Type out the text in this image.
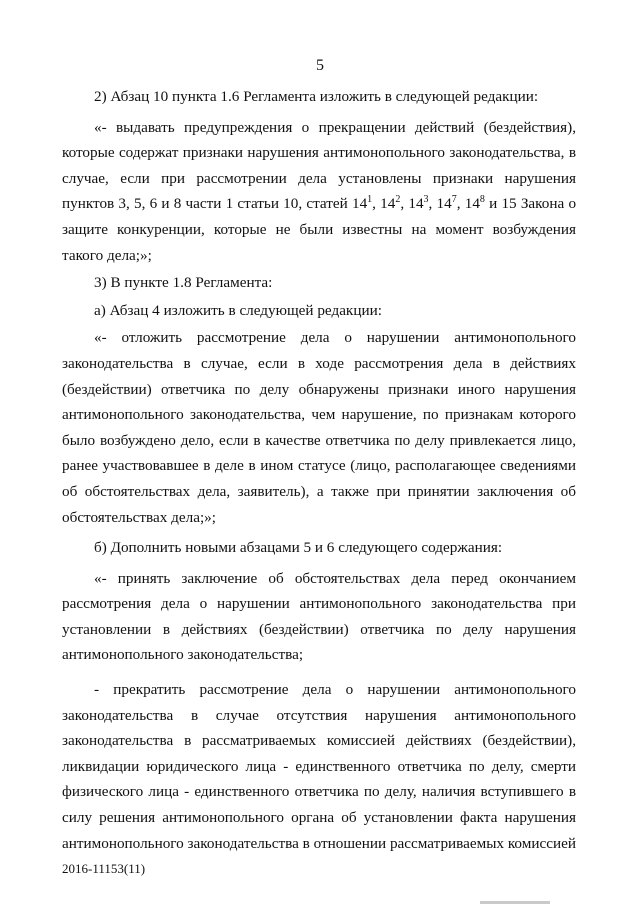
5

2) Абзац 10 пункта 1.6 Регламента изложить в следующей редакции:

«- выдавать предупреждения о прекращении действий (бездействия), которые содержат признаки нарушения антимонопольного законодательства, в случае, если при рассмотрении дела установлены признаки нарушения пунктов 3, 5, 6 и 8 части 1 статьи 10, статей $14^1$, $14^2$, $14^3$, $14^7$, $14^8$ и 15 Закона о защите конкуренции, которые не были известны на момент возбуждения такого дела;»;

3) В пункте 1.8 Регламента:

а) Абзац 4 изложить в следующей редакции:

«- отложить рассмотрение дела о нарушении антимонопольного законодательства в случае, если в ходе рассмотрения дела в действиях (бездействии) ответчика по делу обнаружены признаки иного нарушения антимонопольного законодательства, чем нарушение, по признакам которого было возбуждено дело, если в качестве ответчика по делу привлекается лицо, ранее участвовавшее в деле в ином статусе (лицо, располагающее сведениями об обстоятельствах дела, заявитель), а также при принятии заключения об обстоятельствах дела;»;

б) Дополнить новыми абзацами 5 и 6 следующего содержания:

«- принять заключение об обстоятельствах дела перед окончанием рассмотрения дела о нарушении антимонопольного законодательства при установлении в действиях (бездействии) ответчика по делу нарушения антимонопольного законодательства;

- прекратить рассмотрение дела о нарушении антимонопольного законодательства в случае отсутствия нарушения антимонопольного законодательства в рассматриваемых комиссией действиях (бездействии), ликвидации юридического лица - единственного ответчика по делу, смерти физического лица - единственного ответчика по делу, наличия вступившего в силу решения антимонопольного органа об установлении факта нарушения антимонопольного законодательства в отношении рассматриваемых комиссией

2016-11153(11)
